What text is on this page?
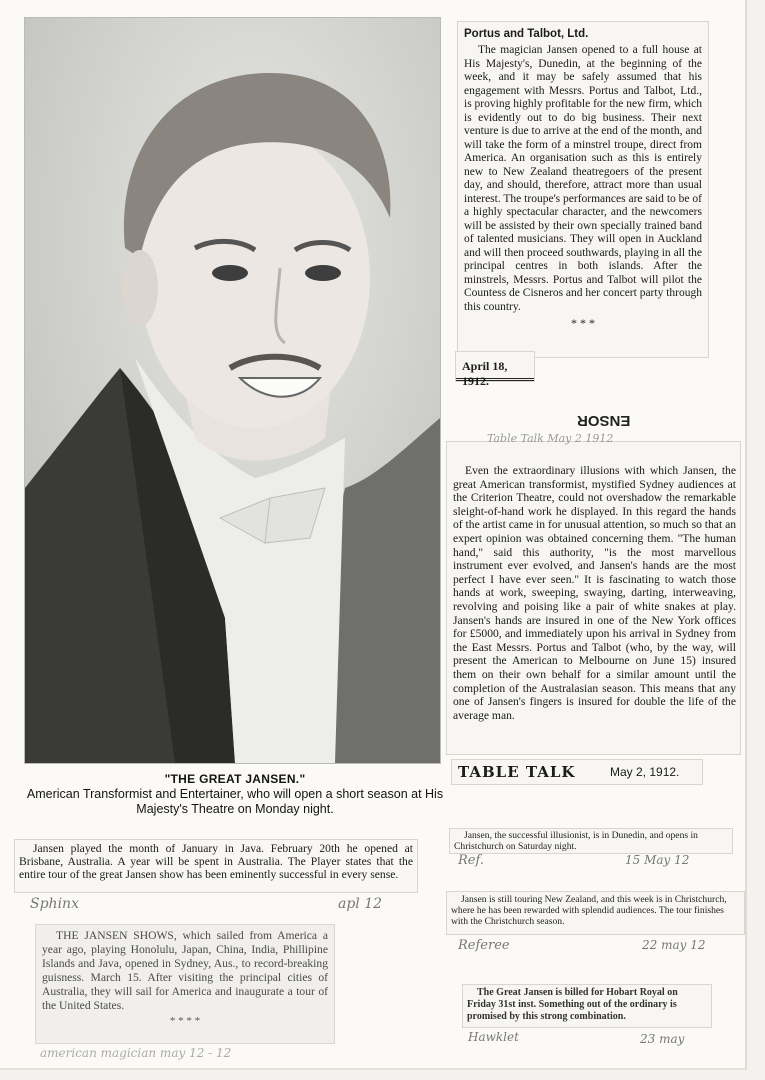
"THE GREAT JANSEN."
American Transformist and Entertainer, who will open a short season at His Majesty's Theatre on Monday night.
Portus and Talbot, Ltd.
The magician Jansen opened to a full house at His Majesty's, Dunedin, at the beginning of the week, and it may be safely assumed that his engagement with Messrs. Portus and Talbot, Ltd., is proving highly profitable for the new firm, which is evidently out to do big business. Their next venture is due to arrive at the end of the month, and will take the form of a minstrel troupe, direct from America. An organisation such as this is entirely new to New Zealand theatregoers of the present day, and should, therefore, attract more than usual interest. The troupe's performances are said to be of a highly spectacular character, and the newcomers will be assisted by their own specially trained band of talented musicians. They will open in Auckland and will then proceed southwards, playing in all the principal centres in both islands. After the minstrels, Messrs. Portus and Talbot will pilot the Countess de Cisneros and her concert party through this country.
* * *
April 18, 1912.
ENSOR
Table Talk May 2 1912
Even the extraordinary illusions with which Jansen, the great American transformist, mystified Sydney audiences at the Criterion Theatre, could not overshadow the remarkable sleight-of-hand work he displayed. In this regard the hands of the artist came in for unusual attention, so much so that an expert opinion was obtained concerning them. "The human hand," said this authority, "is the most marvellous instrument ever evolved, and Jansen's hands are the most perfect I have ever seen." It is fascinating to watch those hands at work, sweeping, swaying, darting, interweaving, revolving and poising like a pair of white snakes at play. Jansen's hands are insured in one of the New York offices for £5000, and immediately upon his arrival in Sydney from the East Messrs. Portus and Talbot (who, by the way, will present the American to Melbourne on June 15) insured them on their own behalf for a similar amount until the completion of the Australasian season. This means that any one of Jansen's fingers is insured for double the life of the average man.
TABLE TALK	May 2, 1912.
Jansen played the month of January in Java. February 20th he opened at Brisbane, Australia. A year will be spent in Australia. The Player states that the entire tour of the great Jansen show has been eminently successful in every sense.
Sphinx	apl 12
THE JANSEN SHOWS, which sailed from America a year ago, playing Honolulu, Japan, China, India, Phillipine Islands and Java, opened in Sydney, Aus., to record-breaking guisness. March 15. After visiting the principal cities of Australia, they will sail for America and inaugurate a tour of the United States.
* * * *
american magician may 12 - 12
Jansen, the successful illusionist, is in Dunedin, and opens in Christchurch on Saturday night.
Ref.	15 May 12
Jansen is still touring New Zealand, and this week is in Christchurch, where he has been rewarded with splendid audiences. The tour finishes with the Christchurch season.
Referee	22 may 12
The Great Jansen is billed for Hobart Royal on Friday 31st inst. Something out of the ordinary is promised by this strong combination.
Hawklet	23 may
